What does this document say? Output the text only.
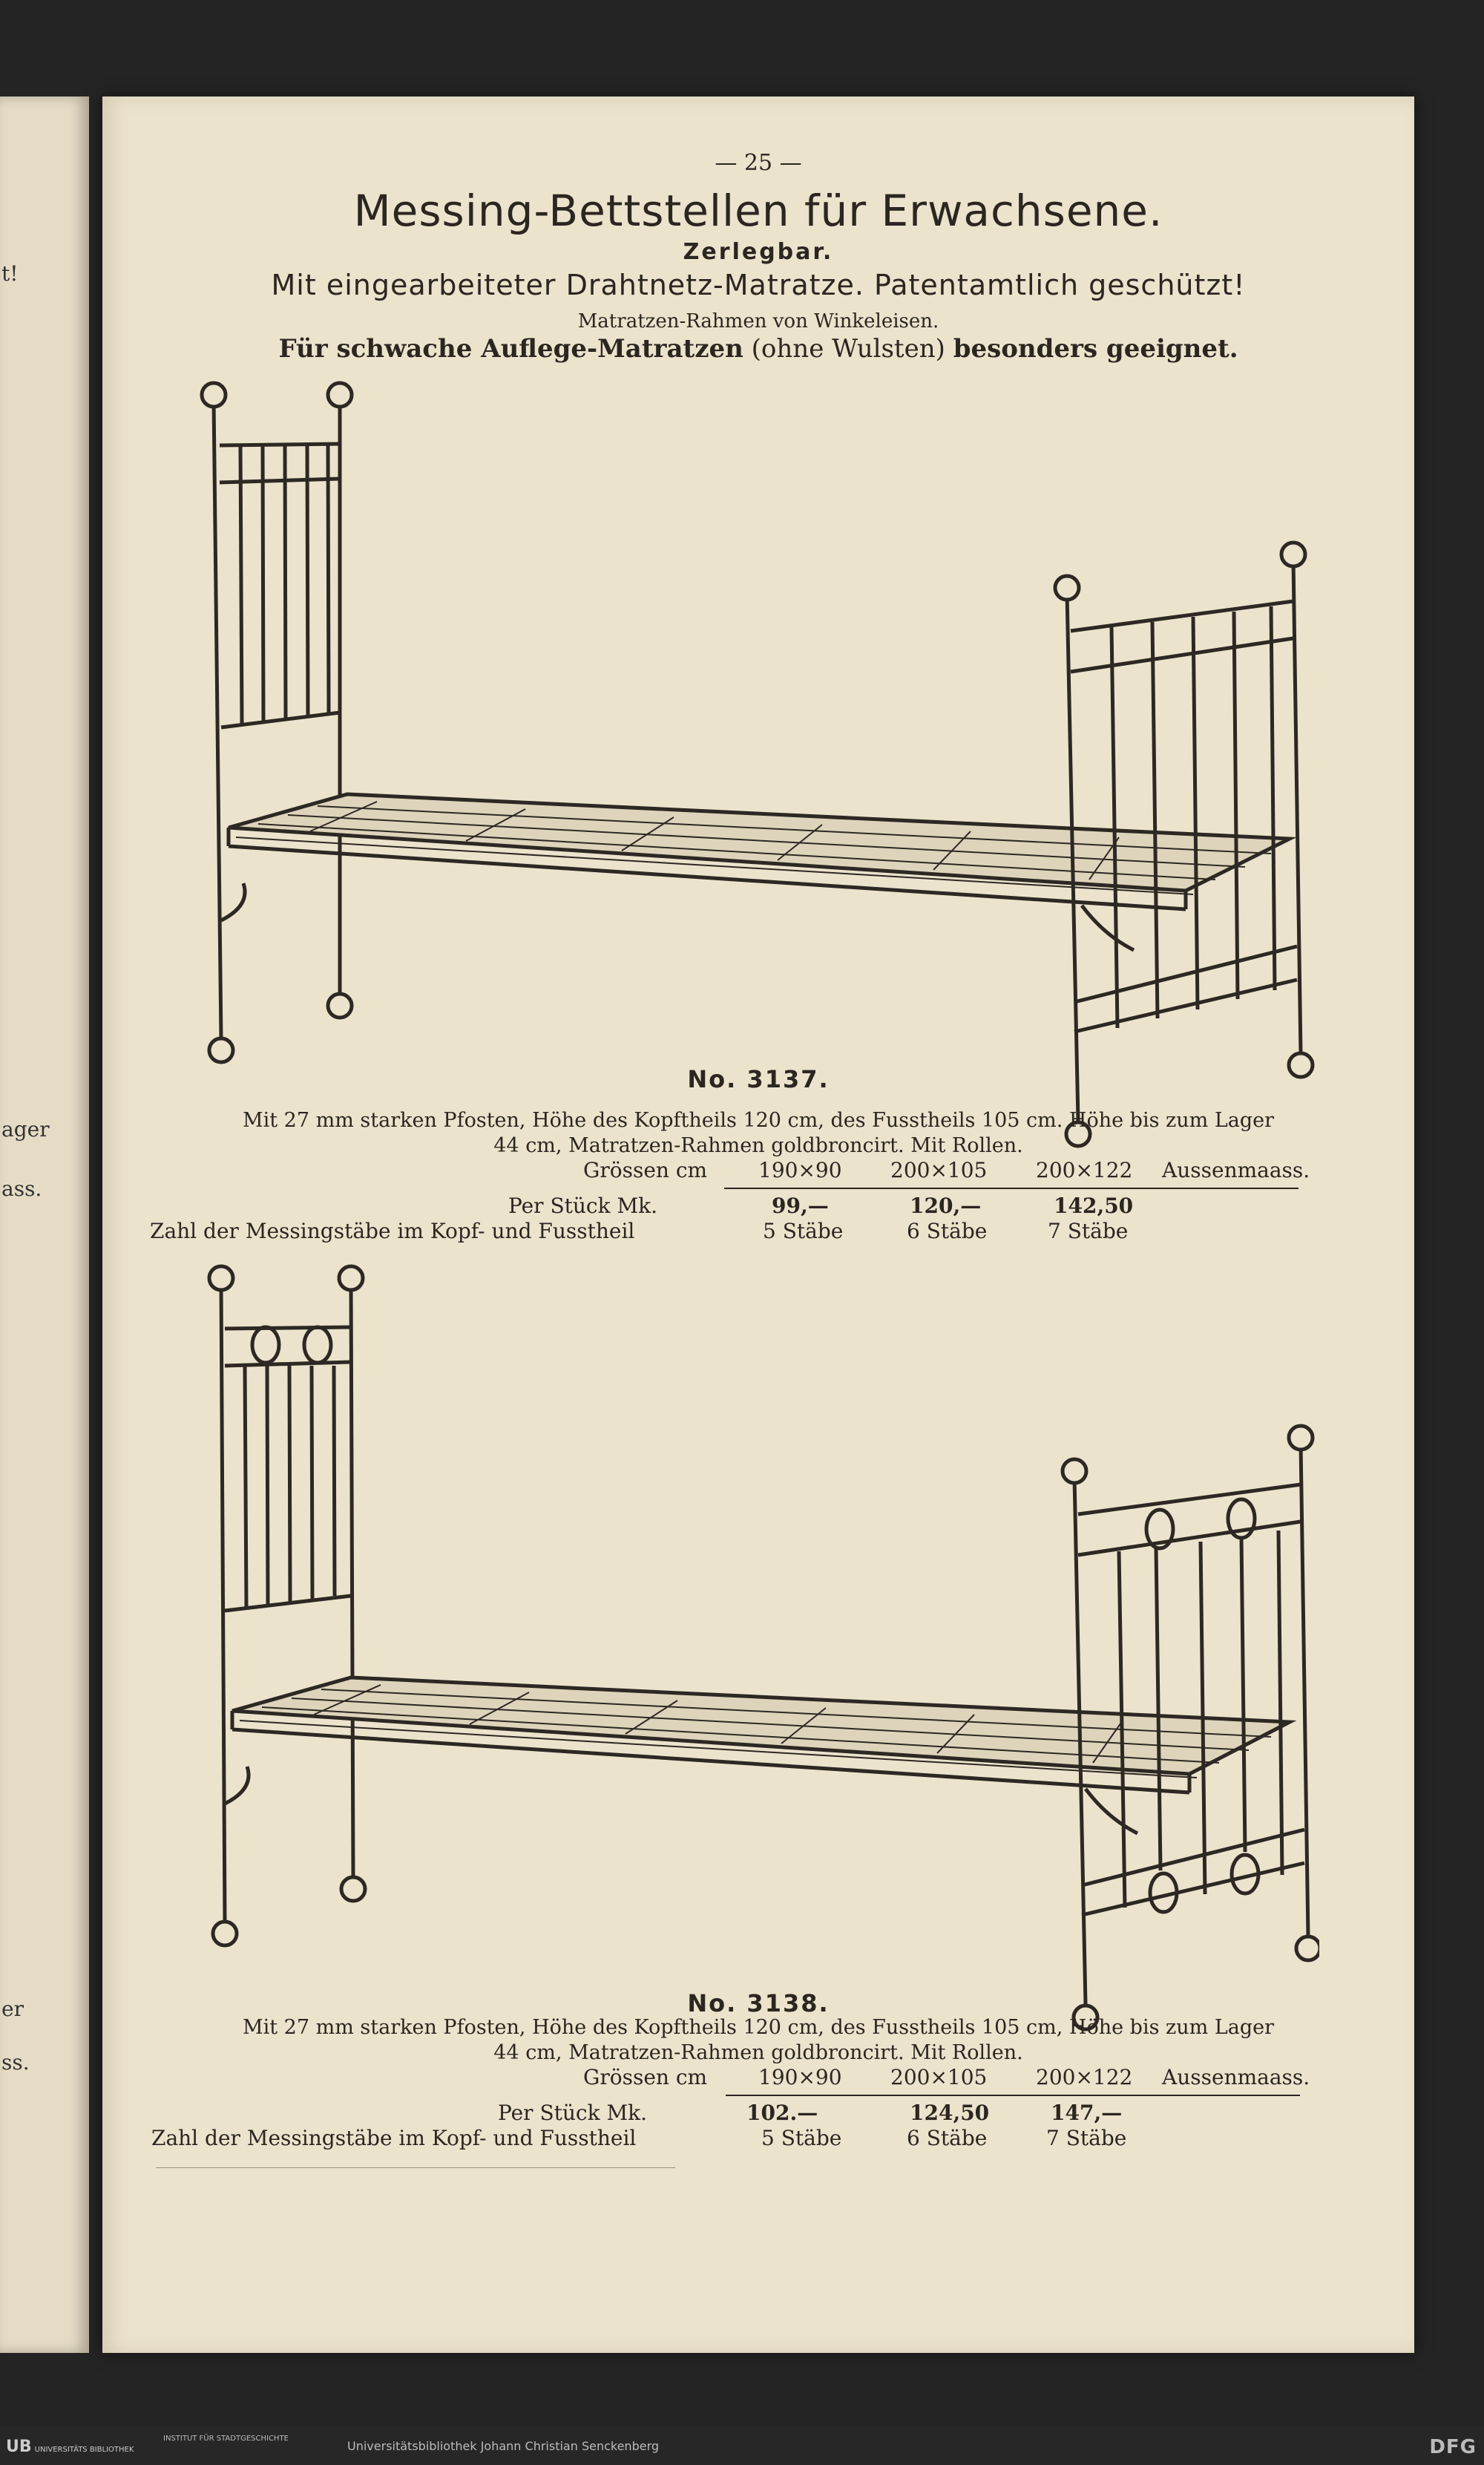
t!
ager
ass.
er
ss.
— 25 —
Messing-Bettstellen für Erwachsene.
Zerlegbar.
Mit eingearbeiteter Drahtnetz-Matratze. Patentamtlich geschützt!
Matratzen-Rahmen von Winkeleisen.
Für schwache Auflege-Matratzen (ohne Wulsten) besonders geeignet.
No. 3137.
Mit 27 mm starken Pfosten, Höhe des Kopftheils 120 cm, des Fusstheils 105 cm. Höhe bis zum Lager
44 cm, Matratzen-Rahmen goldbroncirt. Mit Rollen.
Grössen cm 190×90 200×105 200×122 Aussenmaass.
Per Stück Mk.	99,—	120,—	142,50
Zahl der Messingstäbe im Kopf- und Fusstheil	5 Stäbe	6 Stäbe	7 Stäbe
No. 3138.
Mit 27 mm starken Pfosten, Höhe des Kopftheils 120 cm, des Fusstheils 105 cm, Höhe bis zum Lager
44 cm, Matratzen-Rahmen goldbroncirt. Mit Rollen.
Grössen cm 190×90 200×105 200×122 Aussenmaass.
Per Stück Mk.	102.—	124,50	147,—
Zahl der Messingstäbe im Kopf- und Fusstheil	5 Stäbe	6 Stäbe	7 Stäbe
UB UNIVERSITÄTS BIBLIOTHEK
INSTITUT FÜR STADTGESCHICHTE
Universitätsbibliothek Johann Christian Senckenberg	DFG
